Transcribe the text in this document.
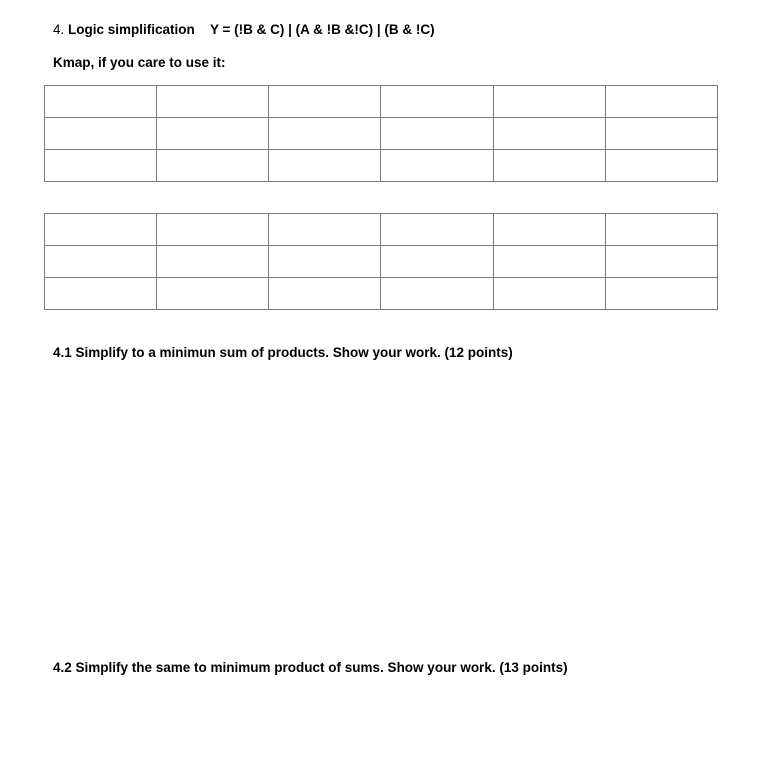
4. Logic simplification Y = (!B & C) | (A & !B &!C) | (B & !C)
Kmap, if you care to use it:

4.1 Simplify to a minimun sum of products. Show your work. (12 points)
4.2 Simplify the same to minimum product of sums. Show your work. (13 points)
